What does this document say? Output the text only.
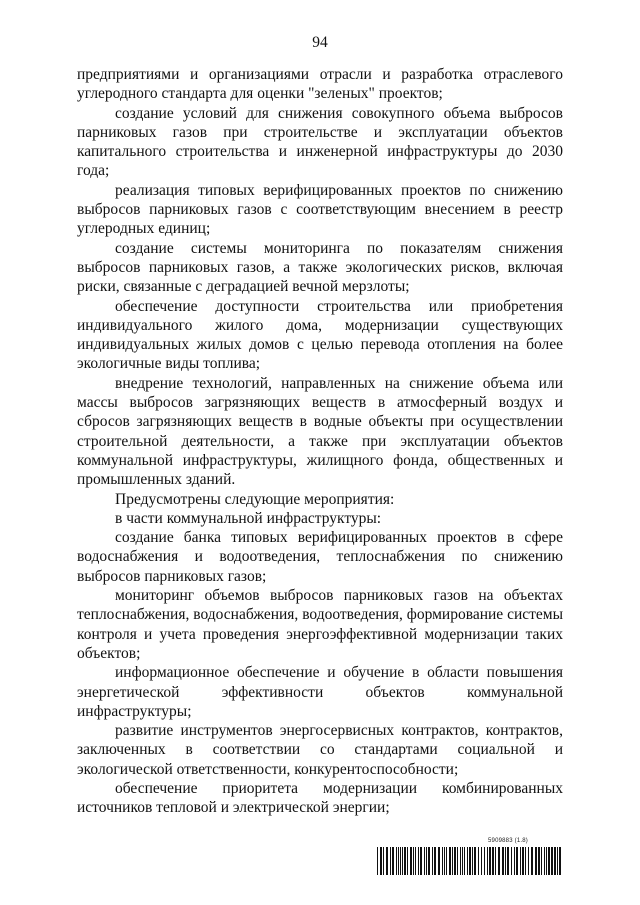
94

предприятиями и организациями отрасли и разработка отраслевого углеродного стандарта для оценки "зеленых" проектов;

создание условий для снижения совокупного объема выбросов парниковых газов при строительстве и эксплуатации объектов капитального строительства и инженерной инфраструктуры до 2030 года;

реализация типовых верифицированных проектов по снижению выбросов парниковых газов с соответствующим внесением в реестр углеродных единиц;

создание системы мониторинга по показателям снижения выбросов парниковых газов, а также экологических рисков, включая риски, связанные с деградацией вечной мерзлоты;

обеспечение доступности строительства или приобретения индивидуального жилого дома, модернизации существующих индивидуальных жилых домов с целью перевода отопления на более экологичные виды топлива;

внедрение технологий, направленных на снижение объема или массы выбросов загрязняющих веществ в атмосферный воздух и сбросов загрязняющих веществ в водные объекты при осуществлении строительной деятельности, а также при эксплуатации объектов коммунальной инфраструктуры, жилищного фонда, общественных и промышленных зданий.

Предусмотрены следующие мероприятия:

в части коммунальной инфраструктуры:

создание банка типовых верифицированных проектов в сфере водоснабжения и водоотведения, теплоснабжения по снижению выбросов парниковых газов;

мониторинг объемов выбросов парниковых газов на объектах теплоснабжения, водоснабжения, водоотведения, формирование системы контроля и учета проведения энергоэффективной модернизации таких объектов;

информационное обеспечение и обучение в области повышения энергетической эффективности объектов коммунальной инфраструктуры;

развитие инструментов энергосервисных контрактов, контрактов, заключенных в соответствии со стандартами социальной и экологической ответственности, конкурентоспособности;

обеспечение приоритета модернизации комбинированных источников тепловой и электрической энергии;

5909883 (1.8)
